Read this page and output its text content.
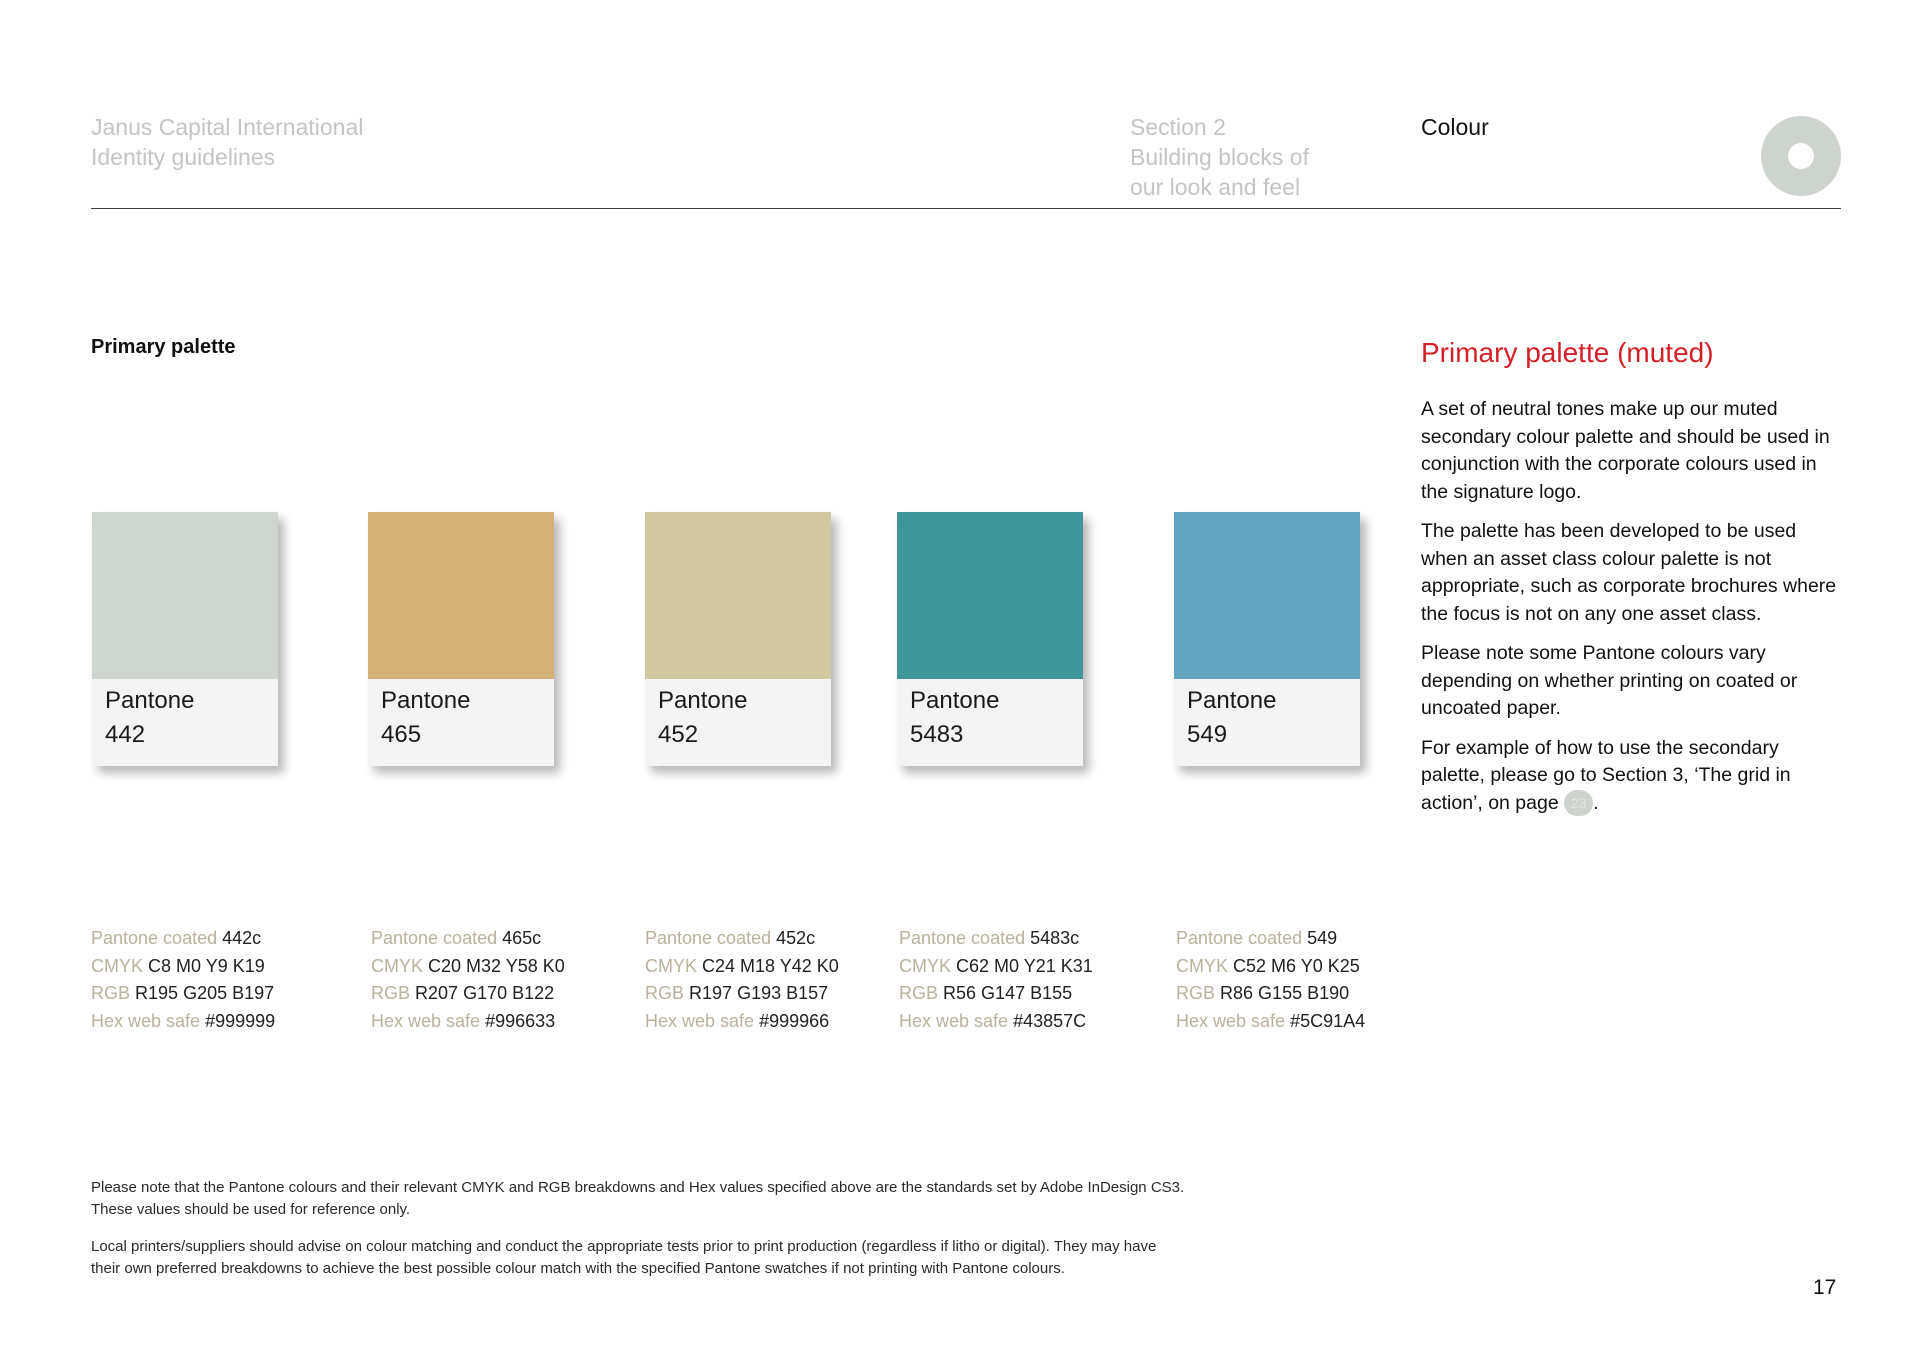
Janus Capital International
Identity guidelines
Section 2
Building blocks of
our look and feel
Colour
Primary palette
Pantone
442
Pantone
465
Pantone
452
Pantone
5483
Pantone
549
Pantone coated 442c
CMYK C8 M0 Y9 K19
RGB R195 G205 B197
Hex web safe #999999
Pantone coated 465c
CMYK C20 M32 Y58 K0
RGB R207 G170 B122
Hex web safe #996633
Pantone coated 452c
CMYK C24 M18 Y42 K0
RGB R197 G193 B157
Hex web safe #999966
Pantone coated 5483c
CMYK C62 M0 Y21 K31
RGB R56 G147 B155
Hex web safe #43857C
Pantone coated 549
CMYK C52 M6 Y0 K25
RGB R86 G155 B190
Hex web safe #5C91A4
Primary palette (muted)

A set of neutral tones make up our muted secondary colour palette and should be used in conjunction with the corporate colours used in the signature logo.

The palette has been developed to be used when an asset class colour palette is not appropriate, such as corporate brochures where the focus is not on any one asset class.

Please note some Pantone colours vary depending on whether printing on coated or uncoated paper.

For example of how to use the secondary palette, please go to Section 3, ‘The grid in action’, on page 23 .

Please note that the Pantone colours and their relevant CMYK and RGB breakdowns and Hex values specified above are the standards set by Adobe InDesign CS3.

These values should be used for reference only.

Local printers/suppliers should advise on colour matching and conduct the appropriate tests prior to print production (regardless if litho or digital). They may have

their own preferred breakdowns to achieve the best possible colour match with the specified Pantone swatches if not printing with Pantone colours.

17
